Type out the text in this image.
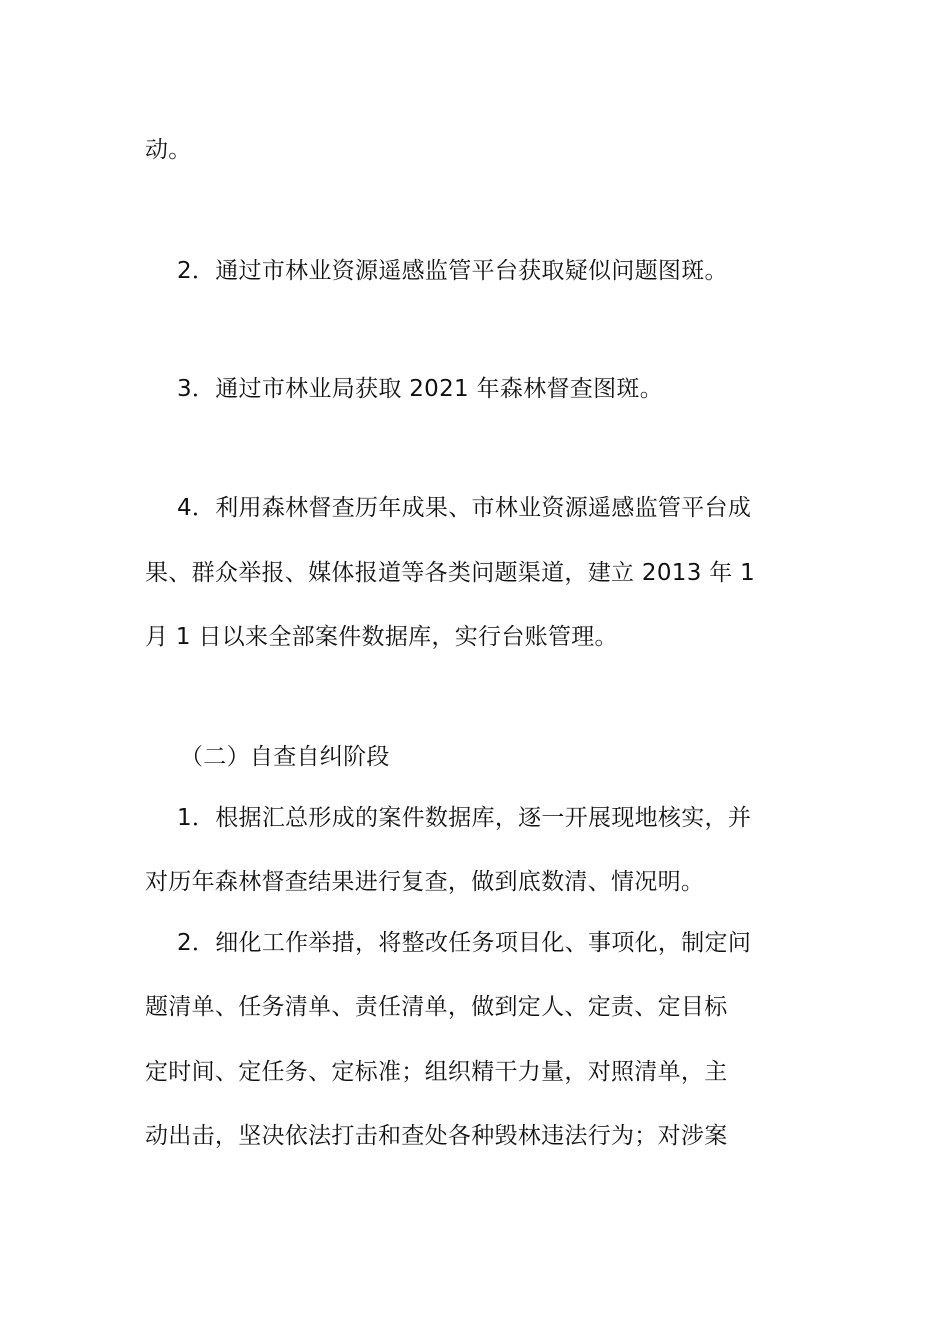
动。
2．通过市林业资源遥感监管平台获取疑似问题图斑。
3．通过市林业局获取 2021 年森林督查图斑。
4．利用森林督查历年成果、市林业资源遥感监管平台成
果、群众举报、媒体报道等各类问题渠道，建立 2013 年 1
月 1 日以来全部案件数据库，实行台账管理。
（二）自查自纠阶段
1．根据汇总形成的案件数据库，逐一开展现地核实，并
对历年森林督查结果进行复查，做到底数清、情况明。
2．细化工作举措，将整改任务项目化、事项化，制定问
题清单、任务清单、责任清单，做到定人、定责、定目标
定时间、定任务、定标准；组织精干力量，对照清单，主
动出击，坚决依法打击和查处各种毁林违法行为；对涉案
